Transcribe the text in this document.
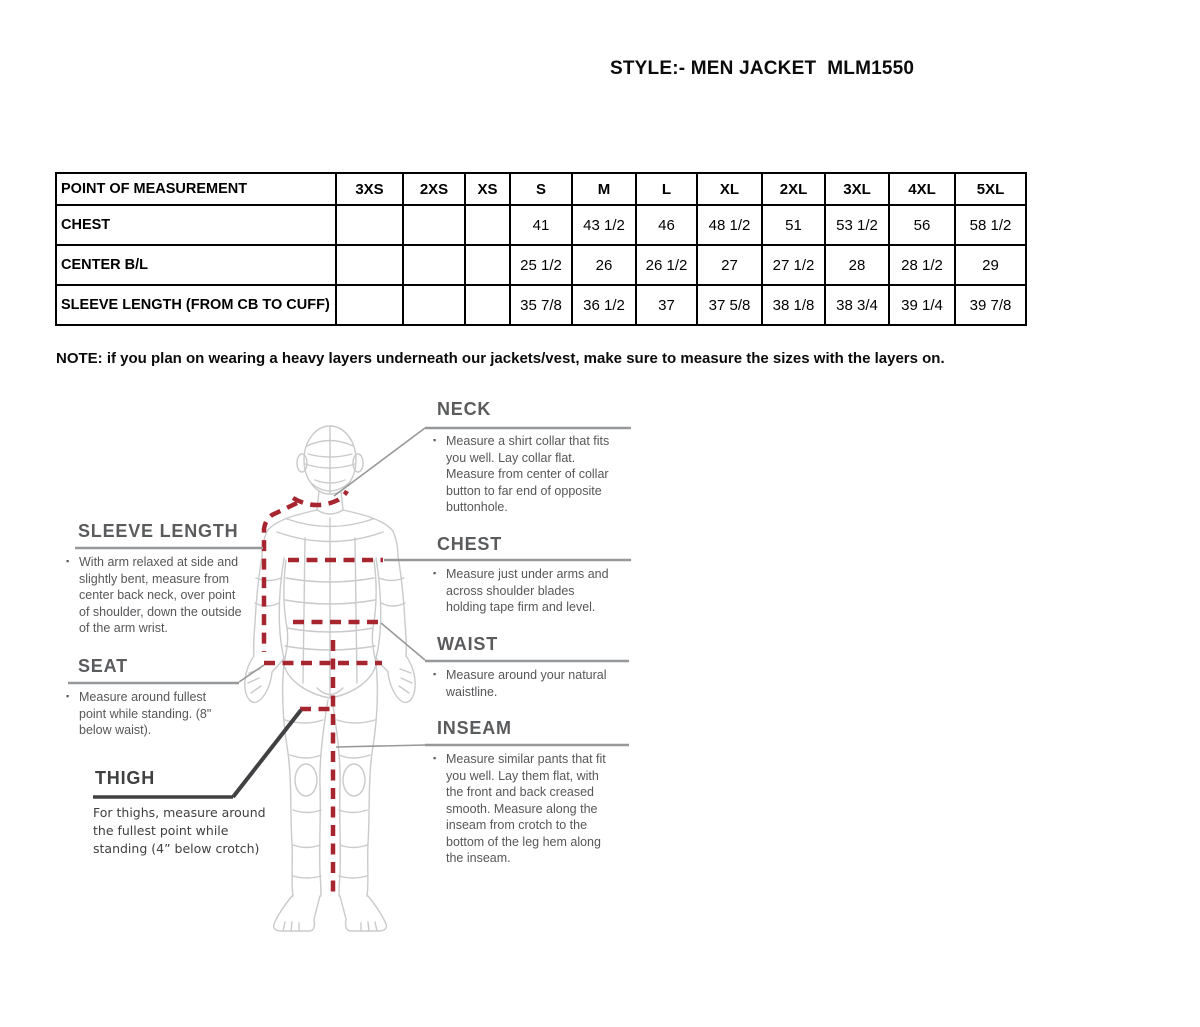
STYLE:- MEN JACKET  MLM1550
POINT OF MEASUREMENT	3XS	2XS	XS	S	M	L	XL	2XL	3XL	4XL	5XL
CHEST				41	43 1/2	46	48 1/2	51	53 1/2	56	58 1/2
CENTER B/L				25 1/2	26	26 1/2	27	27 1/2	28	28 1/2	29
SLEEVE LENGTH (FROM CB TO CUFF)				35 7/8	36 1/2	37	37 5/8	38 1/8	38 3/4	39 1/4	39 7/8
NOTE: if you plan on wearing a heavy layers underneath our jackets/vest, make sure to measure the sizes with the layers on.
NECK
▪ Measure a shirt collar that fits you well. Lay collar flat. Measure from center of collar button to far end of opposite buttonhole.
CHEST
▪ Measure just under arms and across shoulder blades holding tape firm and level.
WAIST
▪ Measure around your natural waistline.
INSEAM
▪ Measure similar pants that fit you well. Lay them flat, with the front and back creased smooth. Measure along the inseam from crotch to the bottom of the leg hem along the inseam.
SLEEVE LENGTH
▪ With arm relaxed at side and slightly bent, measure from center back neck, over point of shoulder, down the outside of the arm wrist.
SEAT
▪ Measure around fullest point while standing. (8" below waist).
THIGH
For thighs, measure around the fullest point while standing (4” below crotch)
